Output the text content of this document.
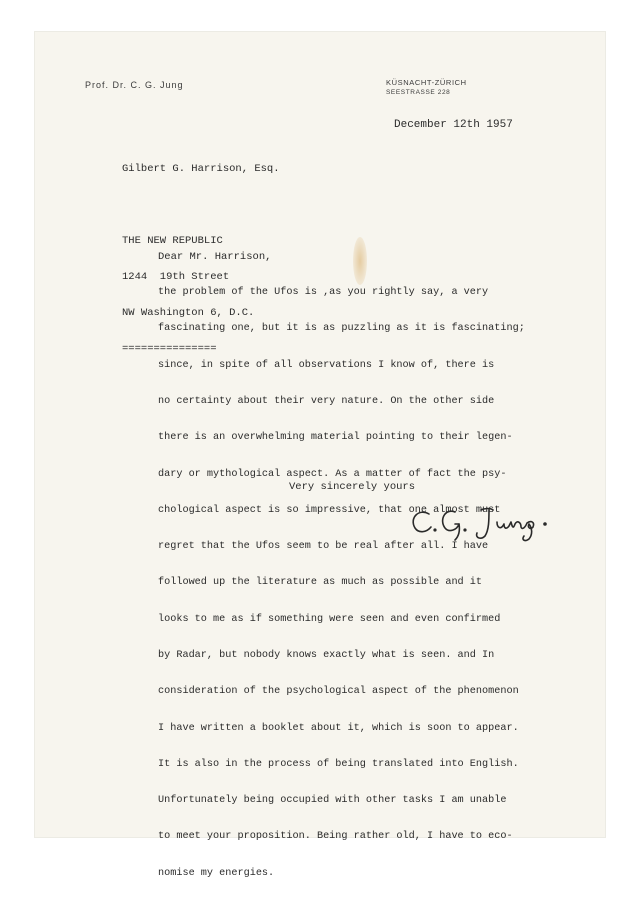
Prof. Dr. C. G. Jung	KÜSNACHT-ZÜRICH
SEESTRASSE 228
December 12th 1957

Gilbert G. Harrison, Esq.

THE NEW REPUBLIC

1244  19th Street

NW Washington 6, D.C.

===============

Dear Mr. Harrison,

the problem of the Ufos is ,as you rightly say, a very

fascinating one, but it is as puzzling as it is fascinating;

since, in spite of all observations I know of, there is

no certainty about their very nature. On the other side

there is an overwhelming material pointing to their legen-

dary or mythological aspect. As a matter of fact the psy-

chological aspect is so impressive, that one almost must

regret that the Ufos seem to be real after all. I have

followed up the literature as much as possible and it

looks to me as if something were seen and even confirmed

by Radar, but nobody knows exactly what is seen. and In

consideration of the psychological aspect of the phenomenon

I have written a booklet about it, which is soon to appear.

It is also in the process of being translated into English.

Unfortunately being occupied with other tasks I am unable

to meet your proposition. Being rather old, I have to eco-

nomise my energies.

Very sincerely yours
